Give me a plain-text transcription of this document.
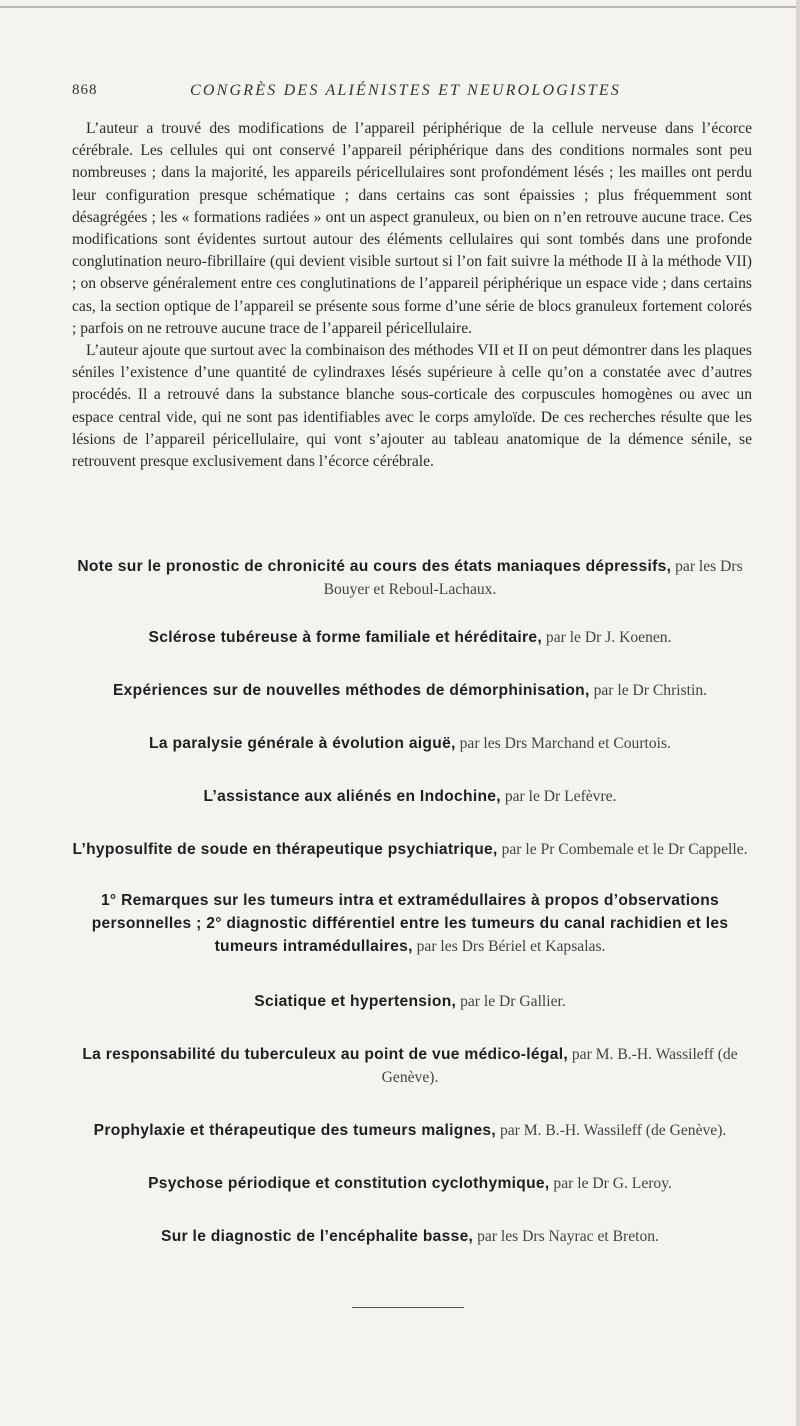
868	CONGRÈS DES ALIÉNISTES ET NEUROLOGISTES

L’auteur a trouvé des modifications de l’appareil périphérique de la cellule nerveuse dans l’écorce cérébrale. Les cellules qui ont conservé l’appareil périphérique dans des conditions normales sont peu nombreuses ; dans la majorité, les appareils péricellulaires sont profondément lésés ; les mailles ont perdu leur configuration presque schématique ; dans certains cas sont épaissies ; plus fréquemment sont désagrégées ; les « formations radiées » ont un aspect granuleux, ou bien on n’en retrouve aucune trace. Ces modifications sont évidentes surtout autour des éléments cellulaires qui sont tombés dans une profonde conglutination neuro-fibrillaire (qui devient visible surtout si l’on fait suivre la méthode II à la méthode VII) ; on observe généralement entre ces conglutinations de l’appareil périphérique un espace vide ; dans certains cas, la section optique de l’appareil se présente sous forme d’une série de blocs granuleux fortement colorés ; parfois on ne retrouve aucune trace de l’appareil péricellulaire.

L’auteur ajoute que surtout avec la combinaison des méthodes VII et II on peut démontrer dans les plaques séniles l’existence d’une quantité de cylindraxes lésés supérieure à celle qu’on a constatée avec d’autres procédés. Il a retrouvé dans la substance blanche sous-corticale des corpuscules homogènes ou avec un espace central vide, qui ne sont pas identifiables avec le corps amyloïde. De ces recherches résulte que les lésions de l’appareil péricellulaire, qui vont s’ajouter au tableau anatomique de la démence sénile, se retrouvent presque exclusivement dans l’écorce cérébrale.

Note sur le pronostic de chronicité au cours des états maniaques dépressifs, par les Drs Bouyer et Reboul-Lachaux.
Sclérose tubéreuse à forme familiale et héréditaire, par le Dr J. Koenen.
Expériences sur de nouvelles méthodes de démorphinisation, par le Dr Christin.
La paralysie générale à évolution aiguë, par les Drs Marchand et Courtois.
L’assistance aux aliénés en Indochine, par le Dr Lefèvre.
L’hyposulfite de soude en thérapeutique psychiatrique, par le Pr Combemale et le Dr Cappelle.
1° Remarques sur les tumeurs intra et extramédullaires à propos d’observations personnelles ; 2° diagnostic différentiel entre les tumeurs du canal rachidien et les tumeurs intramédullaires, par les Drs Bériel et Kapsalas.
Sciatique et hypertension, par le Dr Gallier.
La responsabilité du tuberculeux au point de vue médico-légal, par M. B.-H. Wassileff (de Genève).
Prophylaxie et thérapeutique des tumeurs malignes, par M. B.-H. Wassileff (de Genève).
Psychose périodique et constitution cyclothymique, par le Dr G. Leroy.
Sur le diagnostic de l’encéphalite basse, par les Drs Nayrac et Breton.
